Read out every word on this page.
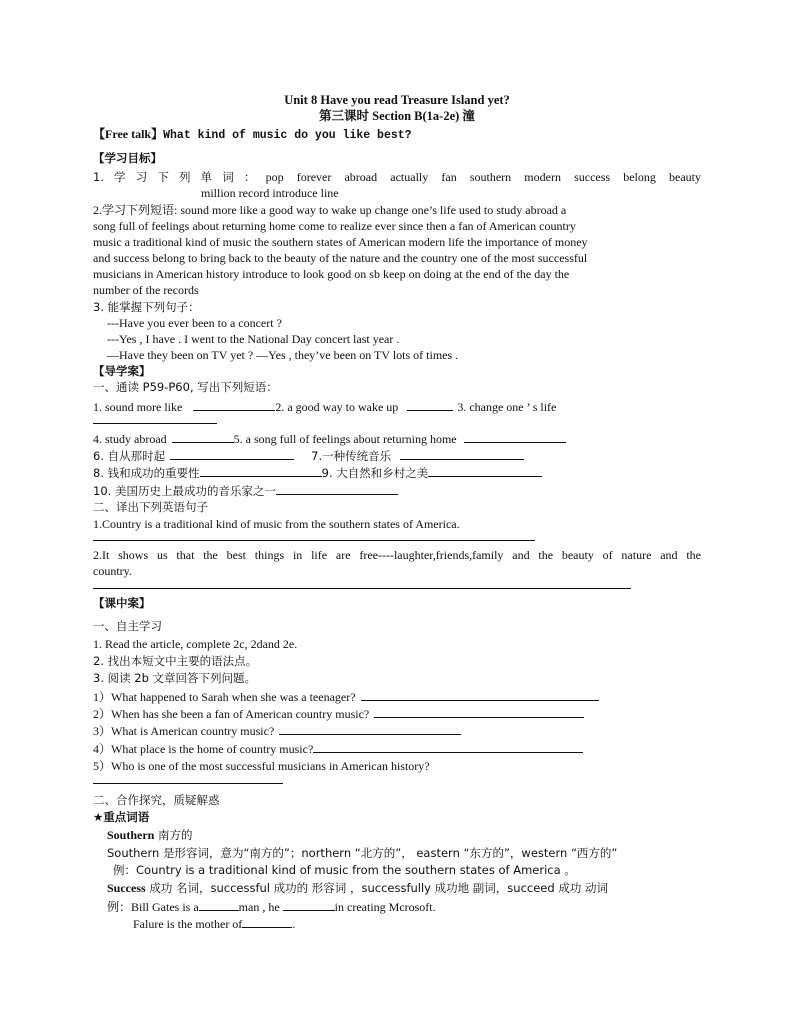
Unit 8 Have you read Treasure Island yet?
第三课时 Section B(1a-2e) 潼
【Free talk】What kind of music do you like best?
【学习目标】
1.学习下列单词：pop forever abroad actually fan southern modern success belong beauty
million record introduce line
2.学习下列短语: sound more like a good way to wake up change one’s life used to study abroad a
song full of feelings about returning home come to realize ever since then a fan of American country
music a traditional kind of music the southern states of American modern life the importance of money
and success belong to bring back to the beauty of the nature and the country one of the most successful
musicians in American history introduce to look good on sb keep on doing at the end of the day the
number of the records
3. 能掌握下列句子：
---Have you ever been to a concert ?
---Yes , I have . I went to the National Day concert last year .
—Have they been on TV yet ? —Yes , they’ve been on TV lots of times .
【导学案】
一、通读 P59-P60, 写出下列短语：
1. sound more like	2. a good way to wake up	3. change one ’ s life
4. study abroad	5. a song full of feelings about returning home
6. 自从那时起	7.一种传统音乐
8. 钱和成功的重要性	9. 大自然和乡村之美
10. 美国历史上最成功的音乐家之一
二、译出下列英语句子
1.Country is a traditional kind of music from the southern states of America.
2.It shows us that the best things in life are free----laughter,friends,family and the beauty of nature and the
country.
【课中案】
一、自主学习
1. Read the article, complete 2c, 2dand 2e.
2. 找出本短文中主要的语法点。
3. 阅读 2b 文章回答下列问题。
1）What happened to Sarah when she was a teenager?
2）When has she been a fan of American country music?
3）What is American country music?
4）What place is the home of country music?
5）Who is one of the most successful musicians in American history?
二、合作探究，质疑解惑
★重点词语
Southern 南方的
Southern 是形容词，意为“南方的”；northern “北方的”， eastern “东方的”，western “西方的”
例：Country is a traditional kind of music from the southern states of America 。
Success 成功 名词，successful 成功的 形容词 ，successfully 成功地 副词，succeed 成功 动词
例：Bill Gates is a	man , he	in creating Mcrosoft.
Falure is the mother of	.
